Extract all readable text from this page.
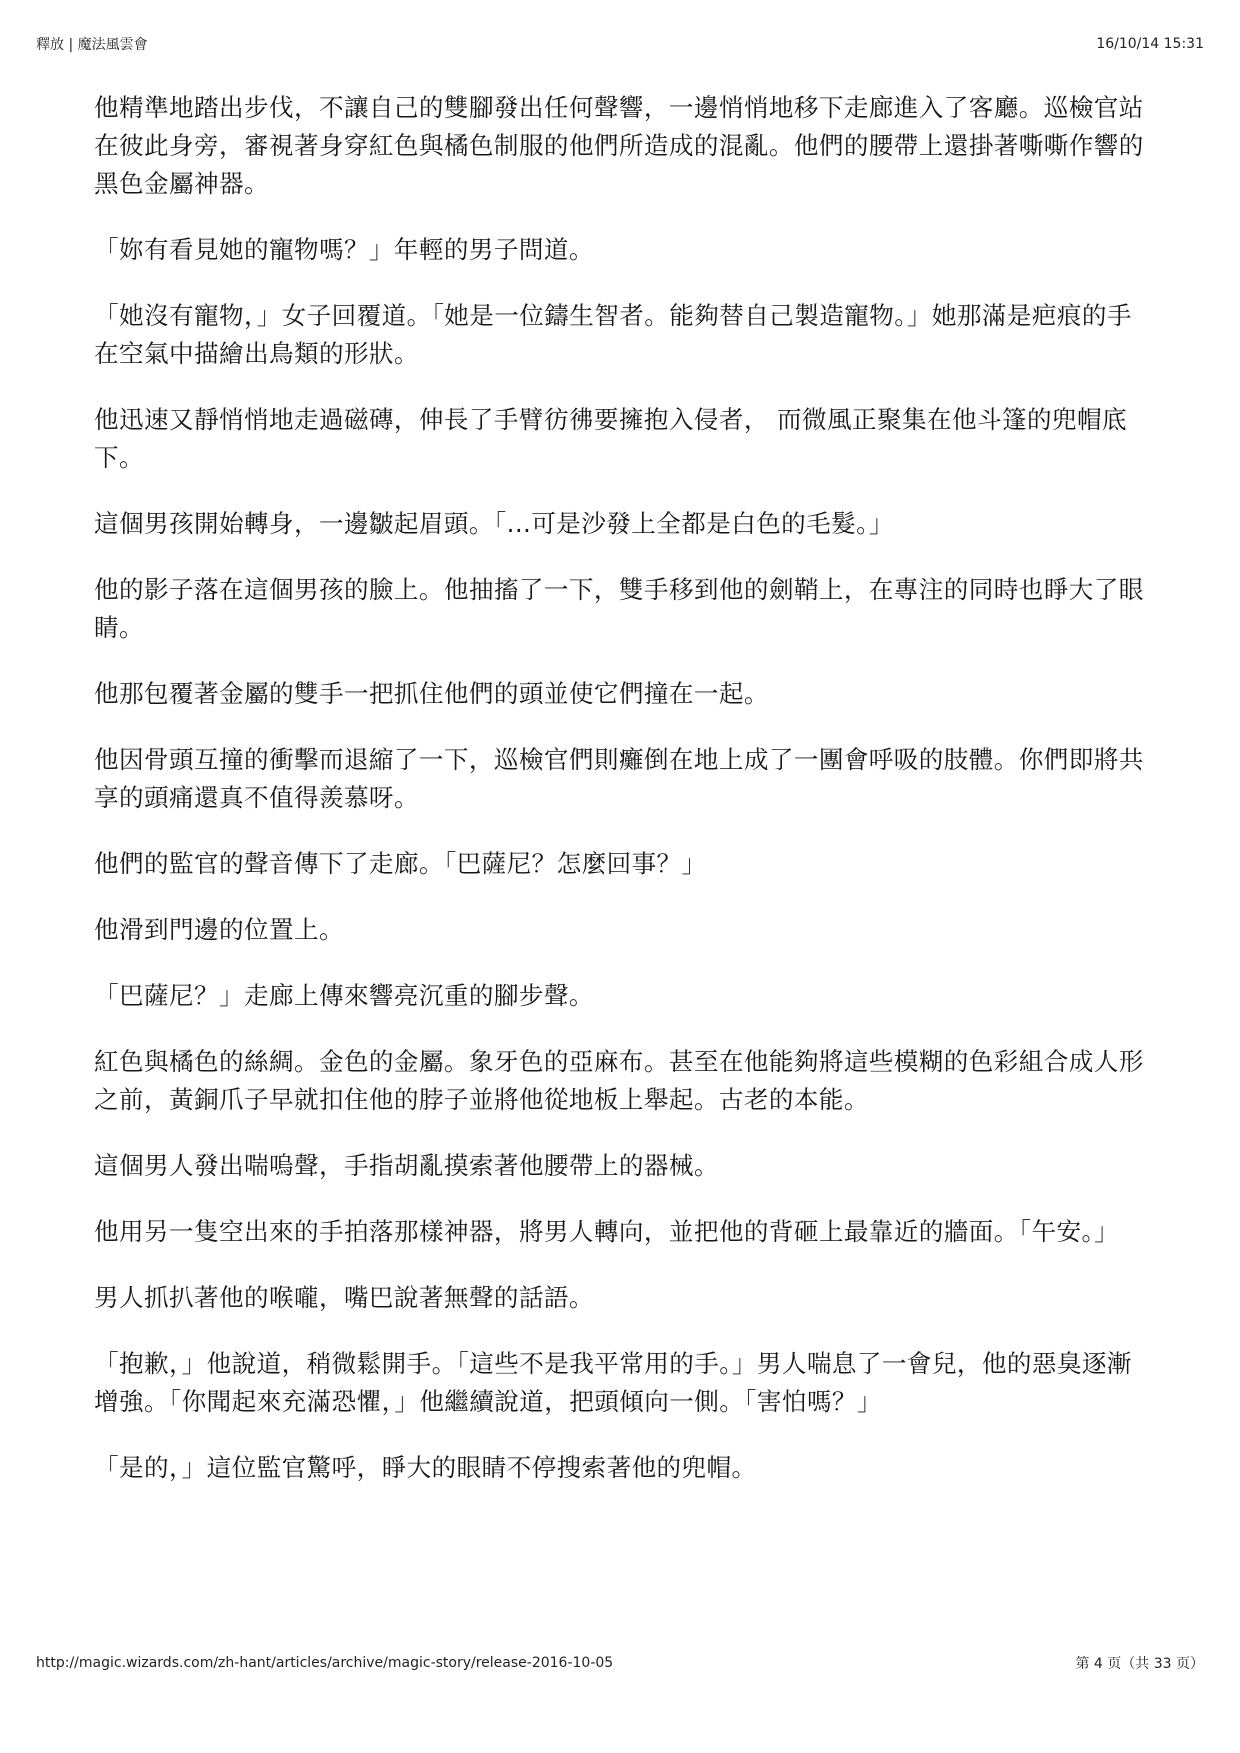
釋放 | 魔法風雲會	16/10/14 15:31

他精準地踏出步伐，不讓自己的雙腳發出任何聲響，一邊悄悄地移下走廊進入了客廳。巡檢官站在彼此身旁，審視著身穿紅色與橘色制服的他們所造成的混亂。他們的腰帶上還掛著嘶嘶作響的黑色金屬神器。

「妳有看見她的寵物嗎？」年輕的男子問道。

「她沒有寵物，」女子回覆道。「她是一位鑄生智者。能夠替自己製造寵物。」她那滿是疤痕的手在空氣中描繪出鳥類的形狀。

他迅速又靜悄悄地走過磁磚，伸長了手臂彷彿要擁抱入侵者， 而微風正聚集在他斗篷的兜帽底下。

這個男孩開始轉身，一邊皺起眉頭。「...可是沙發上全都是白色的毛髮。」

他的影子落在這個男孩的臉上。他抽搐了一下，雙手移到他的劍鞘上，在專注的同時也睜大了眼睛。

他那包覆著金屬的雙手一把抓住他們的頭並使它們撞在一起。

他因骨頭互撞的衝擊而退縮了一下，巡檢官們則癱倒在地上成了一團會呼吸的肢體。你們即將共享的頭痛還真不值得羨慕呀。

他們的監官的聲音傳下了走廊。「巴薩尼？怎麼回事？」

他滑到門邊的位置上。

「巴薩尼？」走廊上傳來響亮沉重的腳步聲。

紅色與橘色的絲綢。金色的金屬。象牙色的亞麻布。甚至在他能夠將這些模糊的色彩組合成人形之前，黃銅爪子早就扣住他的脖子並將他從地板上舉起。古老的本能。

這個男人發出喘嗚聲，手指胡亂摸索著他腰帶上的器械。

他用另一隻空出來的手拍落那樣神器，將男人轉向，並把他的背砸上最靠近的牆面。「午安。」

男人抓扒著他的喉嚨，嘴巴說著無聲的話語。

「抱歉，」他說道，稍微鬆開手。「這些不是我平常用的手。」男人喘息了一會兒，他的惡臭逐漸增強。「你聞起來充滿恐懼，」他繼續說道，把頭傾向一側。「害怕嗎？」

「是的，」這位監官驚呼，睜大的眼睛不停搜索著他的兜帽。

http://magic.wizards.com/zh-hant/articles/archive/magic-story/release-2016-10-05	第 4 页（共 33 页）
